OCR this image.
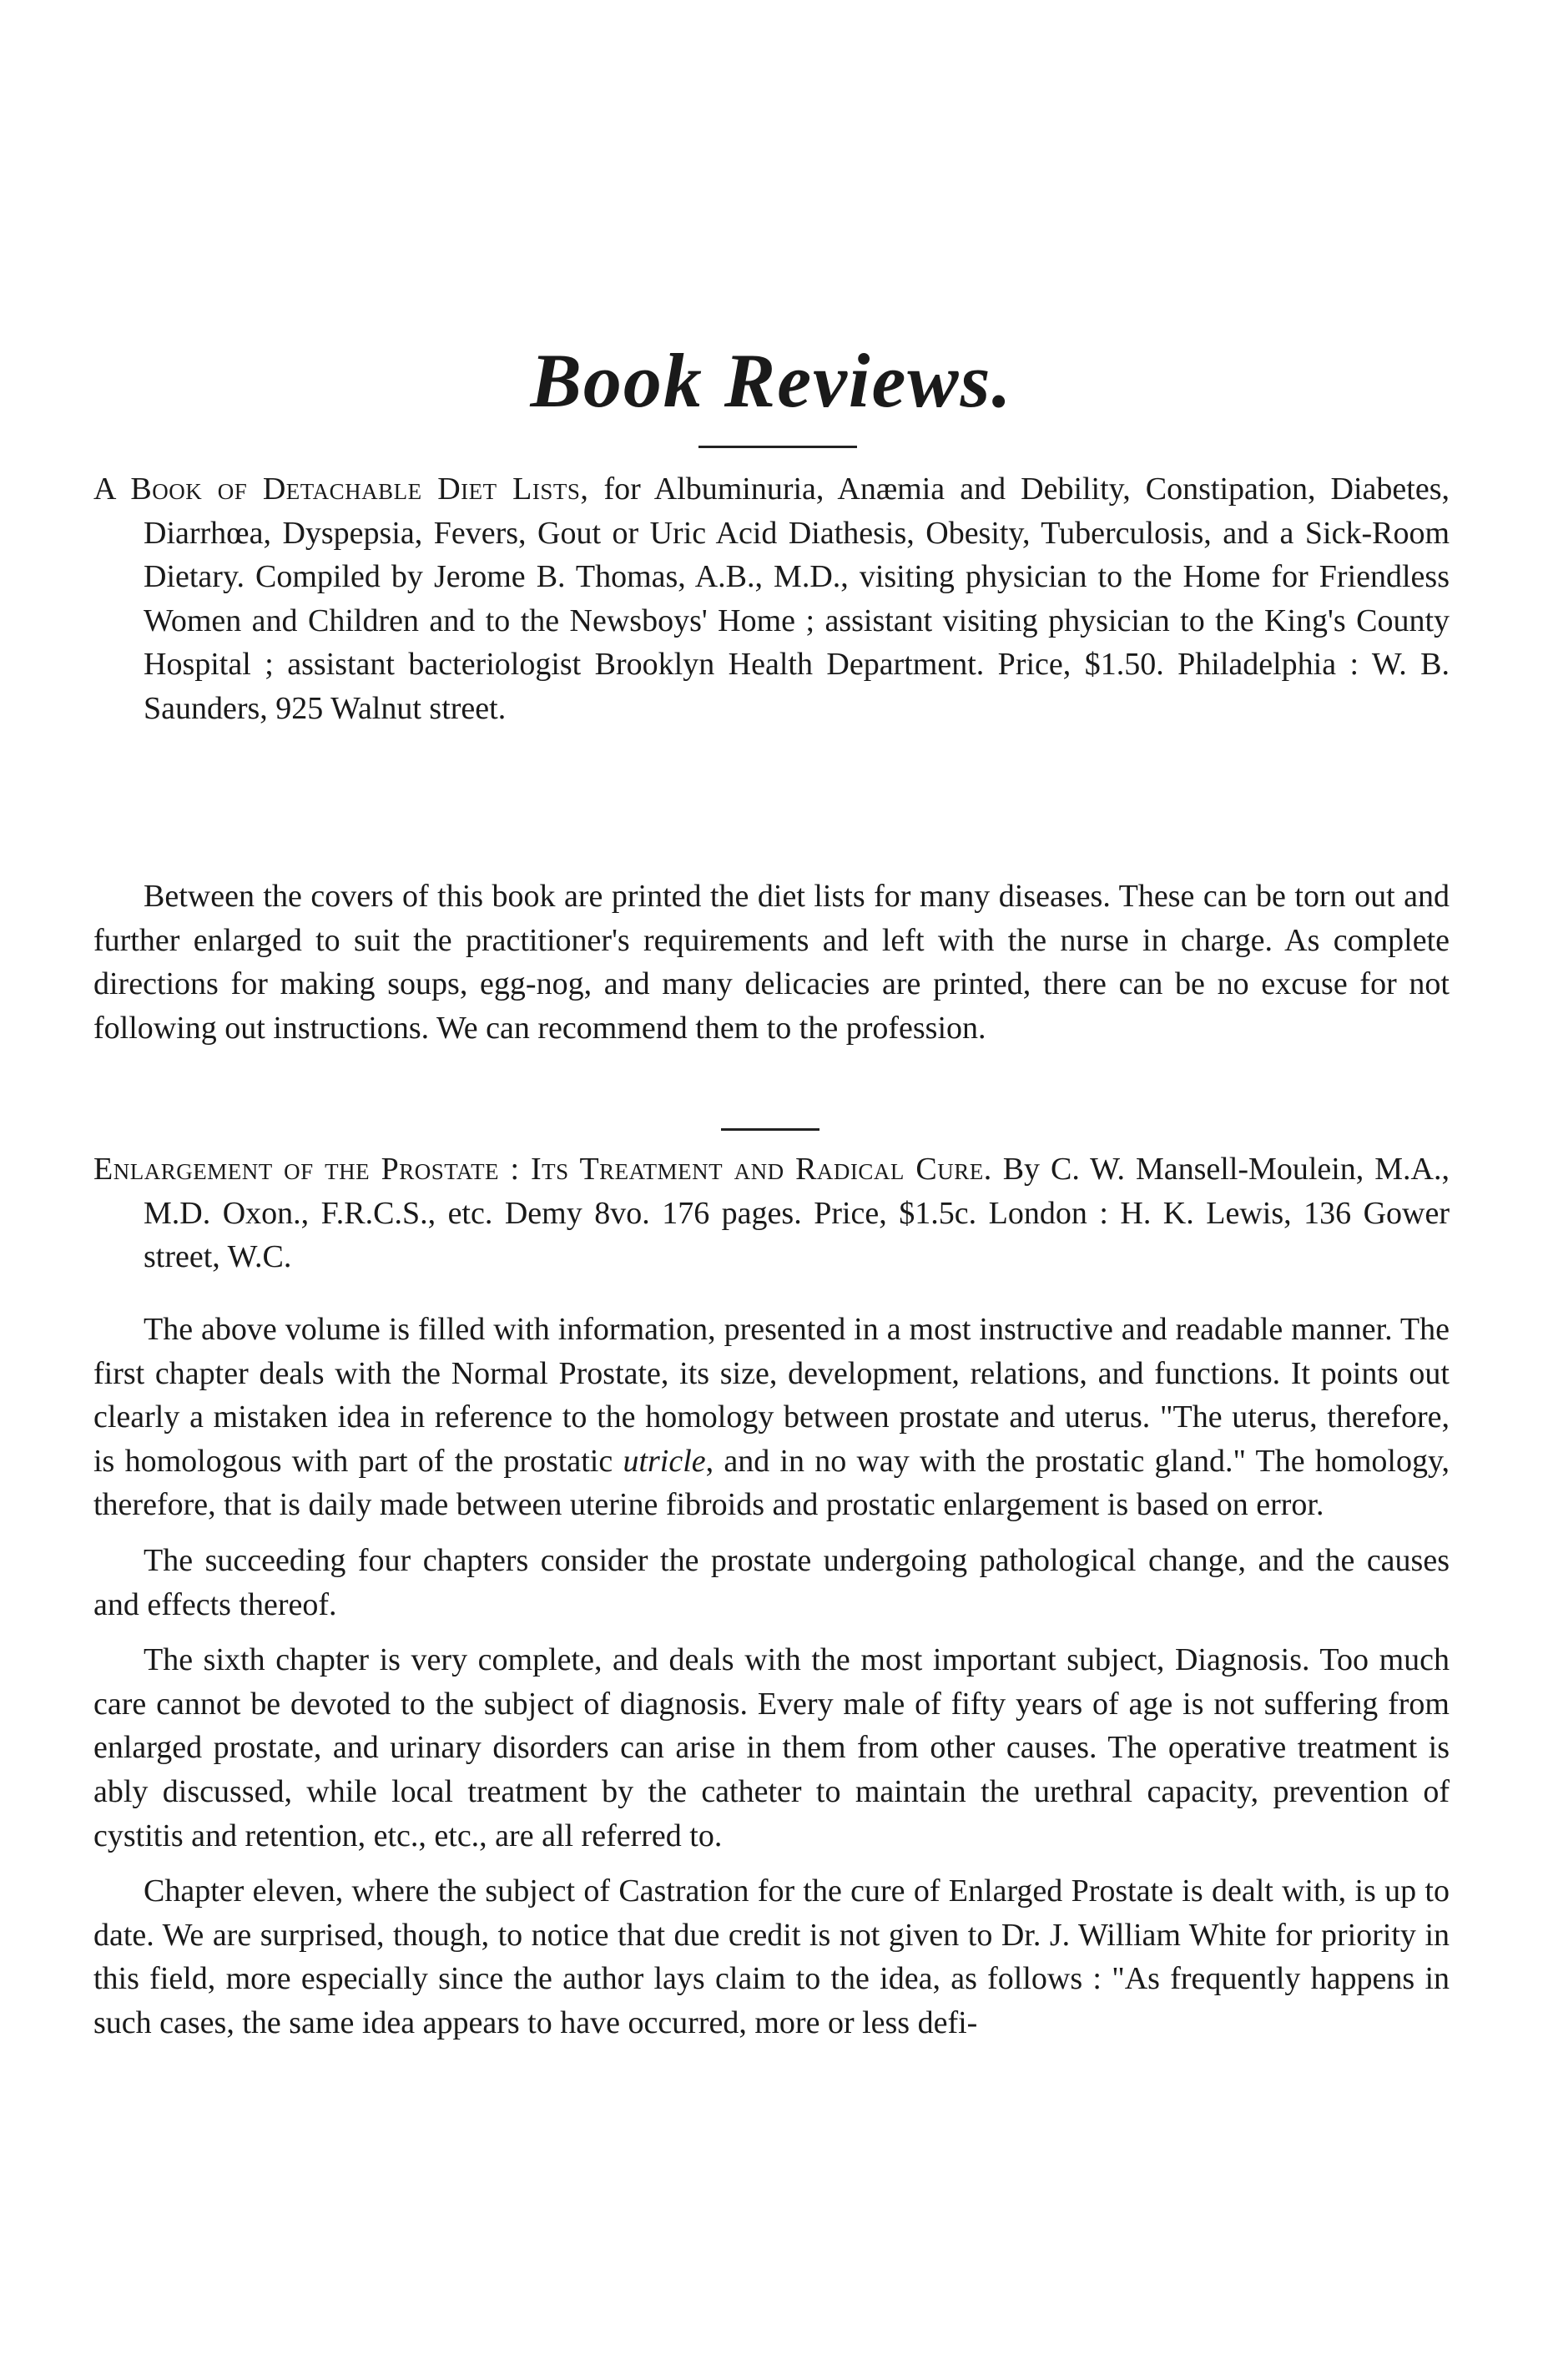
Book Reviews.
A Book of Detachable Diet Lists, for Albuminuria, Anæmia and Debility, Constipation, Diabetes, Diarrhœa, Dyspepsia, Fevers, Gout or Uric Acid Diathesis, Obesity, Tuberculosis, and a Sick-Room Dietary. Compiled by Jerome B. Thomas, A.B., M.D., visiting physician to the Home for Friendless Women and Children and to the Newsboys' Home ; assistant visiting physician to the King's County Hospital ; assistant bacteriologist Brooklyn Health Department. Price, $1.50. Philadelphia : W. B. Saunders, 925 Walnut street.

Between the covers of this book are printed the diet lists for many diseases. These can be torn out and further enlarged to suit the practitioner's requirements and left with the nurse in charge. As complete directions for making soups, egg-nog, and many delicacies are printed, there can be no excuse for not following out instructions. We can recommend them to the profession.

Enlargement of the Prostate : Its Treatment and Radical Cure. By C. W. Mansell-Moulein, M.A., M.D. Oxon., F.R.C.S., etc. Demy 8vo. 176 pages. Price, $1.5c. London : H. K. Lewis, 136 Gower street, W.C.

The above volume is filled with information, presented in a most instructive and readable manner. The first chapter deals with the Normal Prostate, its size, development, relations, and functions. It points out clearly a mistaken idea in reference to the homology between prostate and uterus. "The uterus, therefore, is homologous with part of the prostatic utricle, and in no way with the prostatic gland." The homology, therefore, that is daily made between uterine fibroids and prostatic enlargement is based on error.

The succeeding four chapters consider the prostate undergoing pathological change, and the causes and effects thereof.

The sixth chapter is very complete, and deals with the most important subject, Diagnosis. Too much care cannot be devoted to the subject of diagnosis. Every male of fifty years of age is not suffering from enlarged prostate, and urinary disorders can arise in them from other causes. The operative treatment is ably discussed, while local treatment by the catheter to maintain the urethral capacity, prevention of cystitis and retention, etc., etc., are all referred to.

Chapter eleven, where the subject of Castration for the cure of Enlarged Prostate is dealt with, is up to date. We are surprised, though, to notice that due credit is not given to Dr. J. William White for priority in this field, more especially since the author lays claim to the idea, as follows : "As frequently happens in such cases, the same idea appears to have occurred, more or less defi-
